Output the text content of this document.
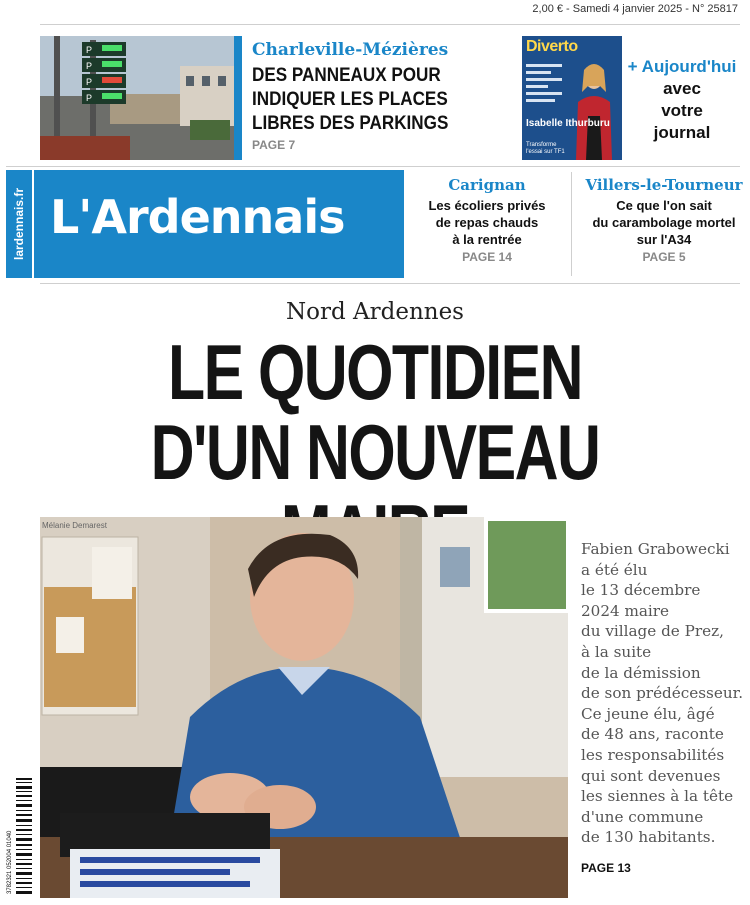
2,00 € - Samedi 4 janvier 2025 - N° 25817
P
P
P
P
Charleville-Mézières
DES PANNEAUX POUR
INDIQUER LES PLACES
LIBRES DES PARKINGS
PAGE 7
Diverto
Isabelle Ithurburu
Transforme l'essai sur TF1
+ Aujourd'hui
avec
votre
journal
lardennais.fr L'Ardennais
Carignan
Les écoliers privés
de repas chauds
à la rentrée
PAGE 14
Villers-le-Tourneur
Ce que l'on sait
du carambolage mortel
sur l'A34
PAGE 5
Nord Ardennes
LE QUOTIDIEN
D'UN NOUVEAU
Mélanie Demarest
Fabien Grabowecki
a été élu
le 13 décembre
2024 maire
du village de Prez,
à la suite
de la démission
de son prédécesseur.
Ce jeune élu, âgé
de 48 ans, raconte
les responsabilités
qui sont devenues
les siennes à la tête
d'une commune
de 130 habitants.
PAGE 13
3782321 052004 01040
